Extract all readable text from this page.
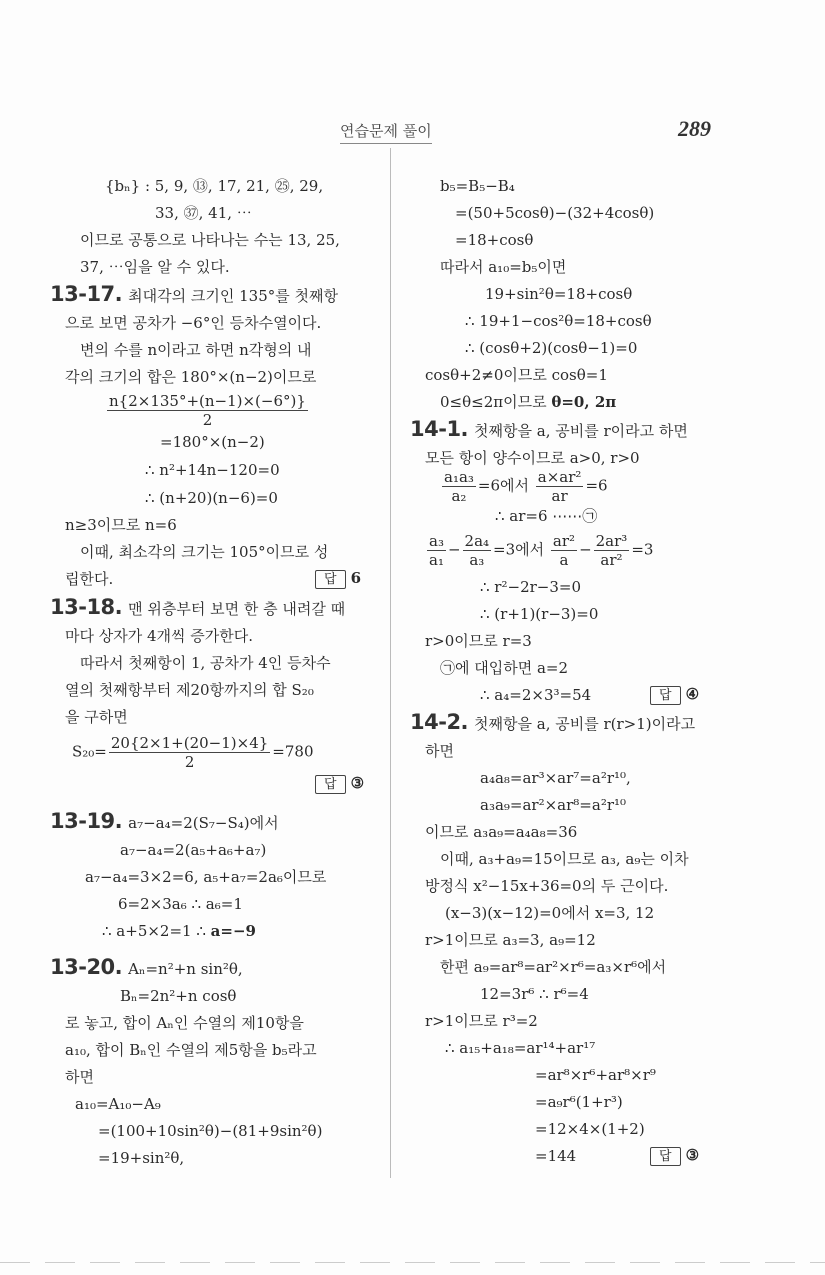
연습문제 풀이	289
{bₙ} : 5, 9, ⑬, 17, 21, ㉕, 29,
33, ㊲, 41, ⋯
이므로 공통으로 나타나는 수는 13, 25,
37, ⋯임을 알 수 있다.
13-17. 최대각의 크기인 135°를 첫째항
으로 보면 공차가 −6°인 등차수열이다.
변의 수를 n이라고 하면 n각형의 내
각의 크기의 합은 180°×(n−2)이므로
$\frac{n\{2\times 135^\circ+(n-1)\times(-6^\circ)\}}{2}$
=180°×(n−2)
∴ n²+14n−120=0
∴ (n+20)(n−6)=0
n≥3이므로 n=6
이때, 최소각의 크기는 105°이므로 성
립한다.	답 6
13-18. 맨 위층부터 보면 한 층 내려갈 때
마다 상자가 4개씩 증가한다.
따라서 첫째항이 1, 공차가 4인 등차수
열의 첫째항부터 제20항까지의 합 S₂₀
을 구하면
$S_{20}= \frac{20\{2\times 1+(20-1)\times 4\}}{2} =780$
답 ③
13-19. a₇−a₄=2(S₇−S₄)에서
a₇−a₄=2(a₅+a₆+a₇)
a₇−a₄=3×2=6, a₅+a₇=2a₆이므로
6=2×3a₆ ∴ a₆=1
∴ a+5×2=1 ∴ a=−9
13-20. Aₙ=n²+n sin²θ,
Bₙ=2n²+n cosθ
로 놓고, 합이 Aₙ인 수열의 제10항을
a₁₀, 합이 Bₙ인 수열의 제5항을 b₅라고
하면
a₁₀=A₁₀−A₉
=(100+10sin²θ)−(81+9sin²θ)
=19+sin²θ,
b₅=B₅−B₄
=(50+5cosθ)−(32+4cosθ)
=18+cosθ
따라서 a₁₀=b₅이면
19+sin²θ=18+cosθ
∴ 19+1−cos²θ=18+cosθ
∴ (cosθ+2)(cosθ−1)=0
cosθ+2≠0이므로 cosθ=1
0≤θ≤2π이므로 θ=0, 2π
14-1. 첫째항을 a, 공비를 r이라고 하면
모든 항이 양수이므로 a>0, r>0
$\frac{\text{a₁a₃}}{\text{a₂}} =6$에서 $\frac{\text{a×ar²}}{ar} =6$
∴ ar=6 ⋯⋯㉠
$\frac{\text{a₃}}{\text{a₁}} - \frac{\text{2a₄}}{\text{a₃}} =3$에서 $\frac{\text{ar²}}{a} - \frac{\text{2ar³}}{\text{ar²}} =3$
∴ r²−2r−3=0
∴ (r+1)(r−3)=0
r>0이므로 r=3
㉠에 대입하면 a=2
∴ a₄=2×3³=54	답 ④
14-2. 첫째항을 a, 공비를 r(r>1)이라고
하면
a₄a₈=ar³×ar⁷=a²r¹⁰,
a₃a₉=ar²×ar⁸=a²r¹⁰
이므로 a₃a₉=a₄a₈=36
이때, a₃+a₉=15이므로 a₃, a₉는 이차
방정식 x²−15x+36=0의 두 근이다.
(x−3)(x−12)=0에서 x=3, 12
r>1이므로 a₃=3, a₉=12
한편 a₉=ar⁸=ar²×r⁶=a₃×r⁶에서
12=3r⁶ ∴ r⁶=4
r>1이므로 r³=2
∴ a₁₅+a₁₈=ar¹⁴+ar¹⁷
=ar⁸×r⁶+ar⁸×r⁹
=a₉r⁶(1+r³)
=12×4×(1+2)
=144	답 ③
